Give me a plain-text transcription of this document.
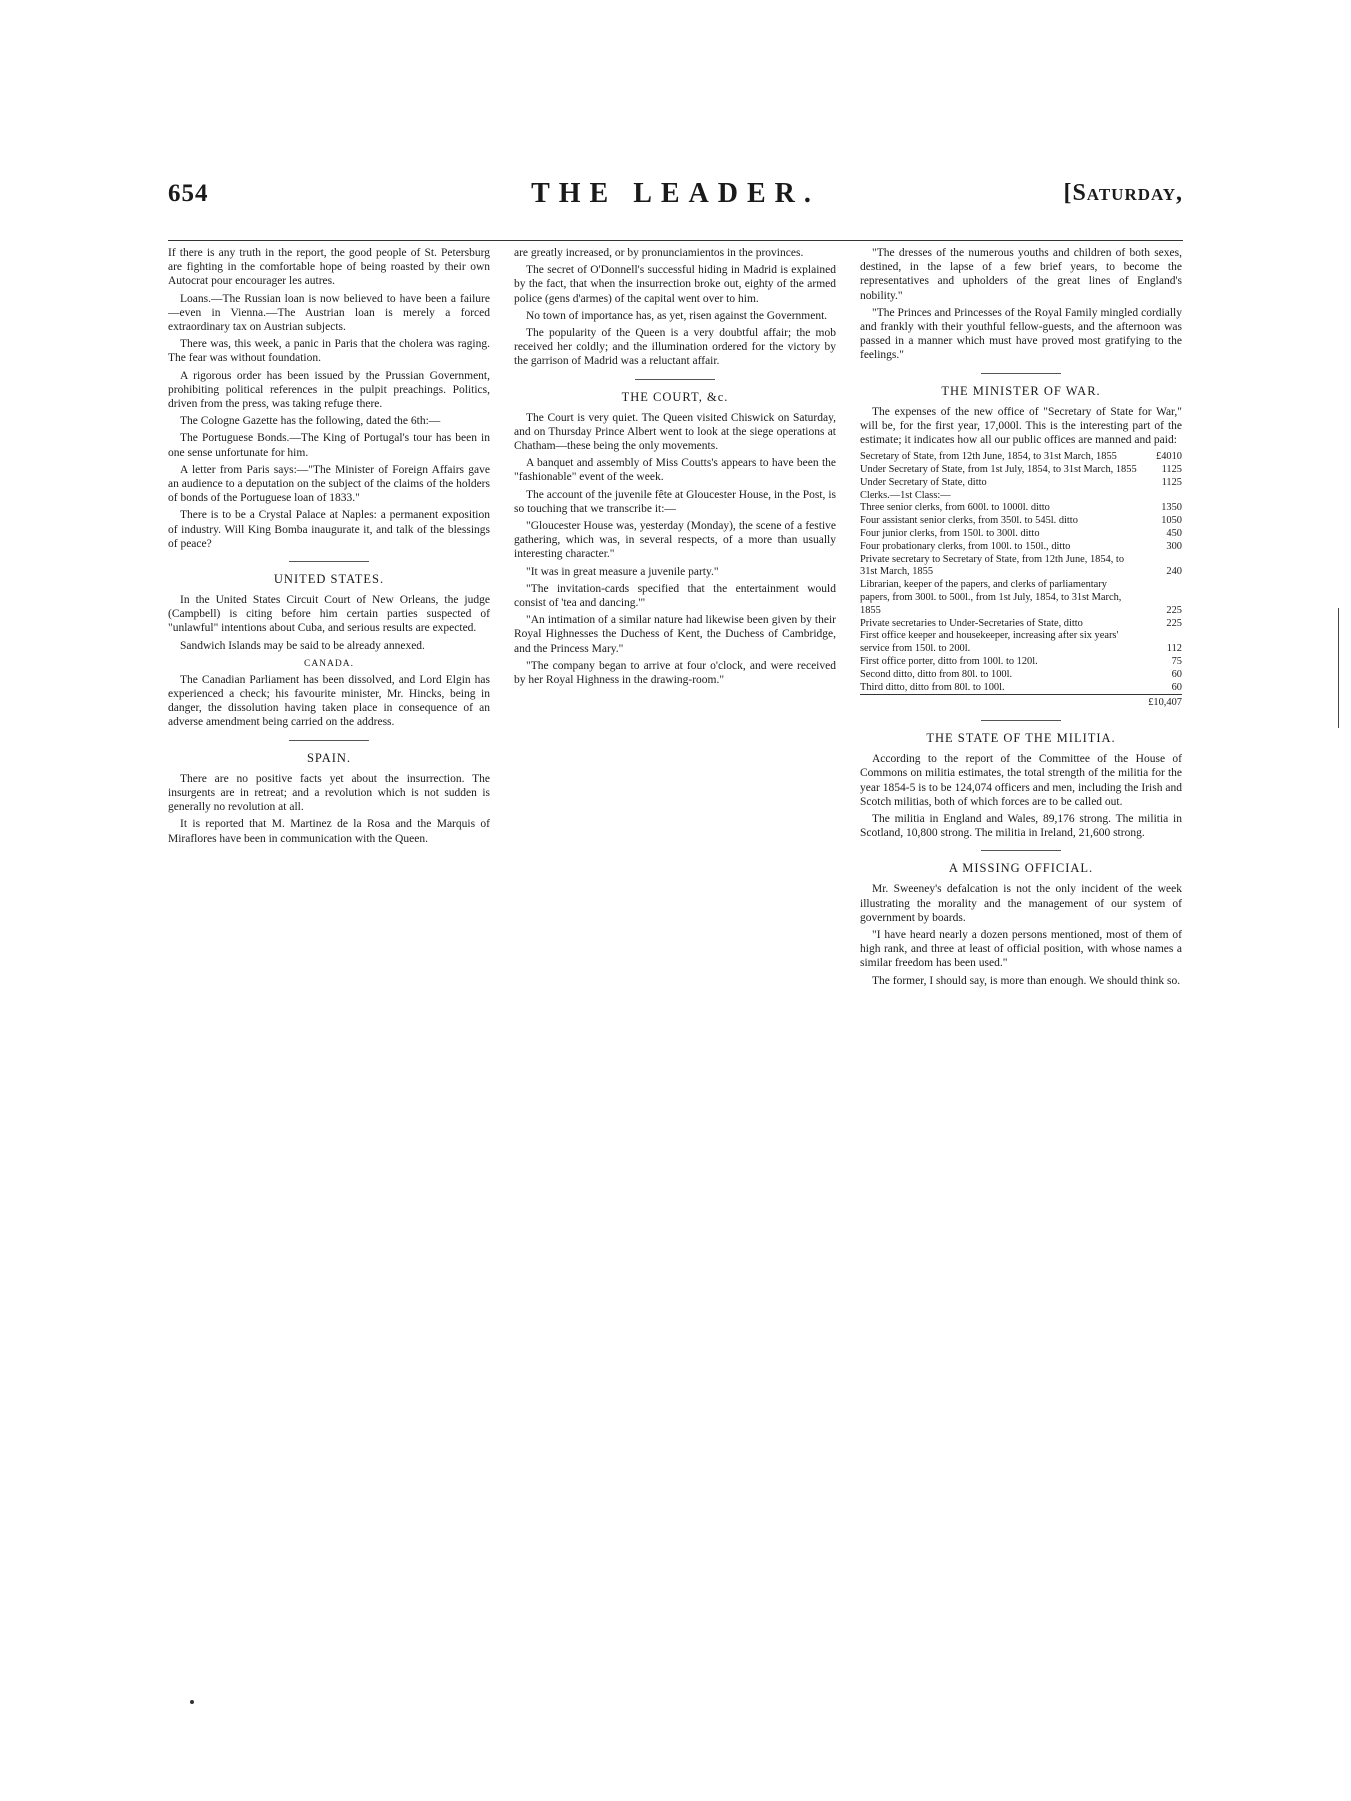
654	THE LEADER.	[Saturday,

If there is any truth in the report, the good people of St. Petersburg are fighting in the comfortable hope of being roasted by their own Autocrat pour encourager les autres.

Loans.—The Russian loan is now believed to have been a failure—even in Vienna.—The Austrian loan is merely a forced extraordinary tax on Austrian subjects.

There was, this week, a panic in Paris that the cholera was raging. The fear was without foundation.

A rigorous order has been issued by the Prussian Government, prohibiting political references in the pulpit preachings. Politics, driven from the press, was taking refuge there.

The Cologne Gazette has the following, dated the 6th:—

The Portuguese Bonds.—The King of Portugal's tour has been in one sense unfortunate for him.

A letter from Paris says:—"The Minister of Foreign Affairs gave an audience to a deputation on the subject of the claims of the holders of bonds of the Portuguese loan of 1833."

There is to be a Crystal Palace at Naples: a permanent exposition of industry. Will King Bomba inaugurate it, and talk of the blessings of peace?

UNITED STATES.

In the United States Circuit Court of New Orleans, the judge (Campbell) is citing before him certain parties suspected of "unlawful" intentions about Cuba, and serious results are expected.

Sandwich Islands may be said to be already annexed.

CANADA.

The Canadian Parliament has been dissolved, and Lord Elgin has experienced a check; his favourite minister, Mr. Hincks, being in danger, the dissolution having taken place in consequence of an adverse amendment being carried on the address.

SPAIN.

There are no positive facts yet about the insurrection. The insurgents are in retreat; and a revolution which is not sudden is generally no revolution at all.

It is reported that M. Martinez de la Rosa and the Marquis of Miraflores have been in communication with the Queen.

are greatly increased, or by pronunciamientos in the provinces.

The secret of O'Donnell's successful hiding in Madrid is explained by the fact, that when the insurrection broke out, eighty of the armed police (gens d'armes) of the capital went over to him.

No town of importance has, as yet, risen against the Government.

The popularity of the Queen is a very doubtful affair; the mob received her coldly; and the illumination ordered for the victory by the garrison of Madrid was a reluctant affair.

THE COURT, &c.

The Court is very quiet. The Queen visited Chiswick on Saturday, and on Thursday Prince Albert went to look at the siege operations at Chatham—these being the only movements.

A banquet and assembly of Miss Coutts's appears to have been the "fashionable" event of the week.

The account of the juvenile fête at Gloucester House, in the Post, is so touching that we transcribe it:—

"Gloucester House was, yesterday (Monday), the scene of a festive gathering, which was, in several respects, of a more than usually interesting character."

"It was in great measure a juvenile party."

"The invitation-cards specified that the entertainment would consist of 'tea and dancing.'"

"An intimation of a similar nature had likewise been given by their Royal Highnesses the Duchess of Kent, the Duchess of Cambridge, and the Princess Mary."

"The company began to arrive at four o'clock, and were received by her Royal Highness in the drawing-room."

"The dresses of the numerous youths and children of both sexes, destined, in the lapse of a few brief years, to become the representatives and upholders of the great lines of England's nobility."

"The Princes and Princesses of the Royal Family mingled cordially and frankly with their youthful fellow-guests, and the afternoon was passed in a manner which must have proved most gratifying to the feelings."

THE MINISTER OF WAR.

The expenses of the new office of "Secretary of State for War," will be, for the first year, 17,000l. This is the interesting part of the estimate; it indicates how all our public offices are manned and paid:

Secretary of State, from 12th June, 1854, to 31st March, 1855	£4010
Under Secretary of State, from 1st July, 1854, to 31st March, 1855	1125
Under Secretary of State, ditto	1125
Clerks.—1st Class:—	
Three senior clerks, from 600l. to 1000l. ditto	1350
Four assistant senior clerks, from 350l. to 545l. ditto	1050
Four junior clerks, from 150l. to 300l. ditto	450
Four probationary clerks, from 100l. to 150l., ditto	300
Private secretary to Secretary of State, from 12th June, 1854, to 31st March, 1855	240
Librarian, keeper of the papers, and clerks of parliamentary papers, from 300l. to 500l., from 1st July, 1854, to 31st March, 1855	225
Private secretaries to Under-Secretaries of State, ditto	225
First office keeper and housekeeper, increasing after six years' service from 150l. to 200l.	112
First office porter, ditto from 100l. to 120l.	75
Second ditto, ditto from 80l. to 100l.	60
Third ditto, ditto from 80l. to 100l.	60
	£10,407
THE STATE OF THE MILITIA.

According to the report of the Committee of the House of Commons on militia estimates, the total strength of the militia for the year 1854-5 is to be 124,074 officers and men, including the Irish and Scotch militias, both of which forces are to be called out.

The militia in England and Wales, 89,176 strong. The militia in Scotland, 10,800 strong. The militia in Ireland, 21,600 strong.

A MISSING OFFICIAL.

Mr. Sweeney's defalcation is not the only incident of the week illustrating the morality and the management of our system of government by boards.

"I have heard nearly a dozen persons mentioned, most of them of high rank, and three at least of official position, with whose names a similar freedom has been used."

The former, I should say, is more than enough. We should think so.
